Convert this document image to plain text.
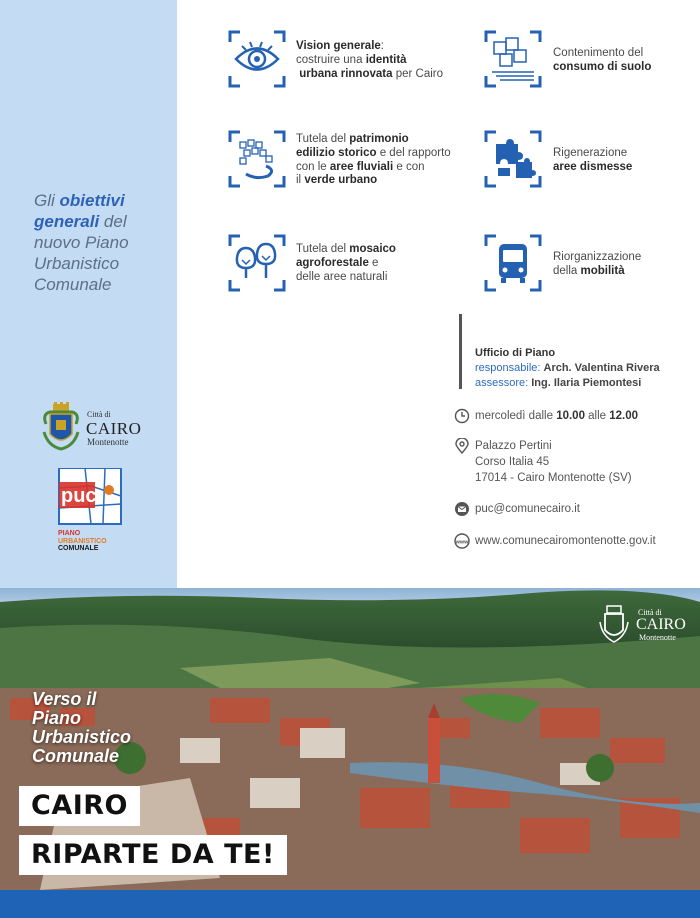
Gli obiettivi generali del nuovo Piano Urbanistico Comunale
Città di
CAIRO
Montenotte
puc
PIANO
URBANISTICO
COMUNALE
Vision generale:
costruire una identità
urbana rinnovata per Cairo
Contenimento del
consumo di suolo
Tutela del patrimonio
edilizio storico e del rapporto
con le aree fluviali e con
il verde urbano
Rigenerazione
aree dismesse
Tutela del mosaico
agroforestale e
delle aree naturali
Riorganizzazione
della mobilità
Ufficio di Piano
responsabile: Arch. Valentina Rivera
assessore: Ing. Ilaria Piemontesi
mercoledì dalle 10.00 alle 12.00
Palazzo Pertini
Corso Italia 45
17014 - Cairo Montenotte (SV)
puc@comunecairo.it
www www.comunecairomontenotte.gov.it
Città di
CAIRO
Montenotte
Verso il
Piano
Urbanistico
Comunale
CAIRO
RIPARTE DA TE!
